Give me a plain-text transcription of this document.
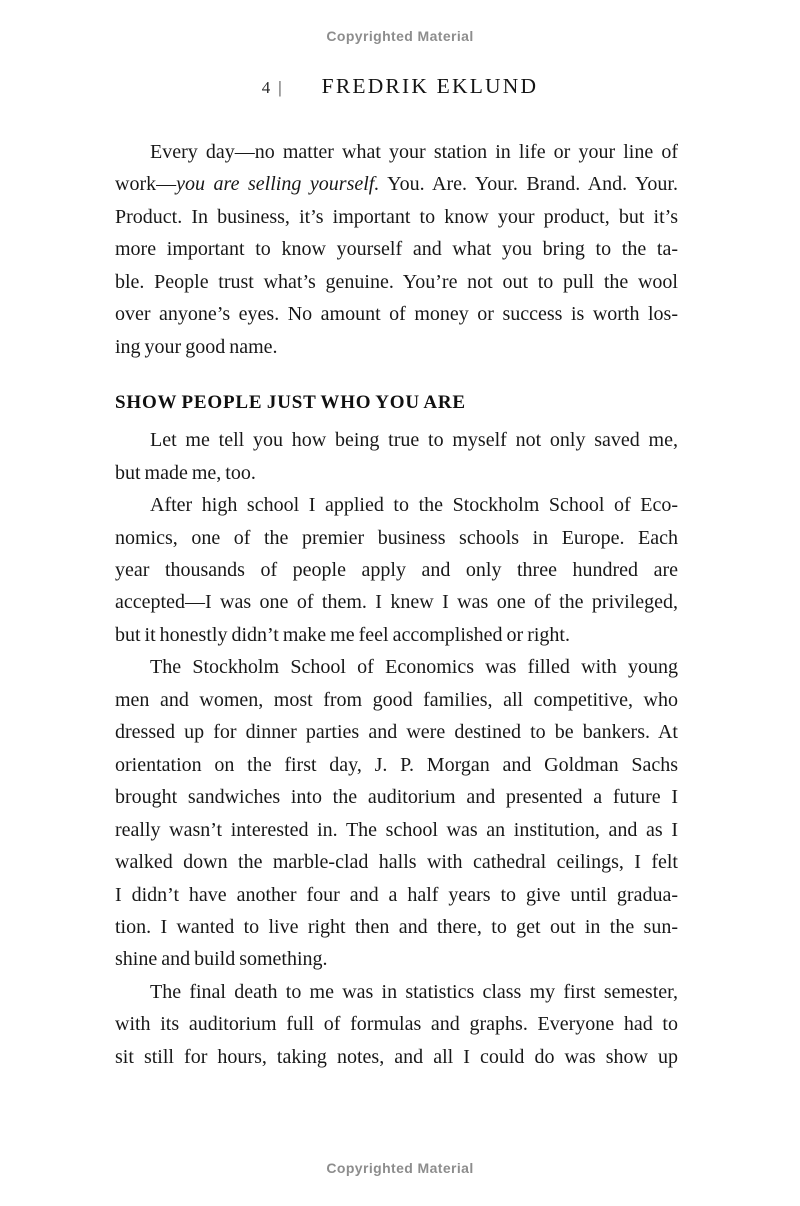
Copyrighted Material
4 | FREDRIK EKLUND
Every day—no matter what your station in life or your line of
work—you are selling yourself. You. Are. Your. Brand. And. Your.
Product. In business, it’s important to know your product, but it’s
more important to know yourself and what you bring to the ta-
ble. People trust what’s genuine. You’re not out to pull the wool
over anyone’s eyes. No amount of money or success is worth los-
ing your good name.
SHOW PEOPLE JUST WHO YOU ARE
Let me tell you how being true to myself not only saved me,
but made me, too.
After high school I applied to the Stockholm School of Eco-
nomics, one of the premier business schools in Europe. Each
year thousands of people apply and only three hundred are
accepted—I was one of them. I knew I was one of the privileged,
but it honestly didn’t make me feel accomplished or right.
The Stockholm School of Economics was filled with young
men and women, most from good families, all competitive, who
dressed up for dinner parties and were destined to be bankers. At
orientation on the first day, J. P. Morgan and Goldman Sachs
brought sandwiches into the auditorium and presented a future I
really wasn’t interested in. The school was an institution, and as I
walked down the marble-clad halls with cathedral ceilings, I felt
I didn’t have another four and a half years to give until gradua-
tion. I wanted to live right then and there, to get out in the sun-
shine and build something.
The final death to me was in statistics class my first semester,
with its auditorium full of formulas and graphs. Everyone had to
sit still for hours, taking notes, and all I could do was show up
Copyrighted Material
